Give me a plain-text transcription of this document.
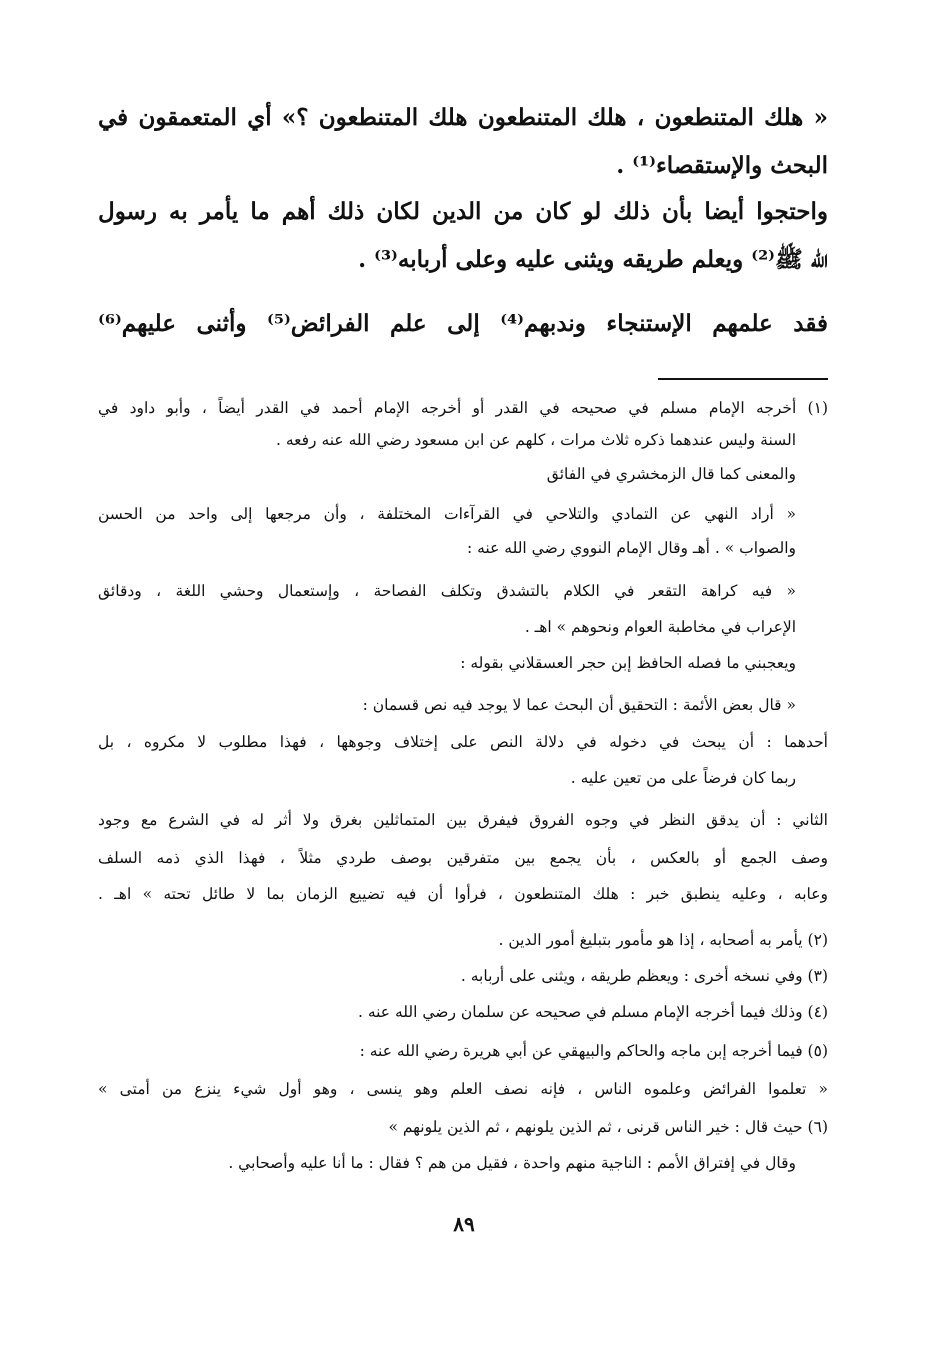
« هلك المتنطعون ، هلك المتنطعون هلك المتنطعون ؟» أي المتعمقون في
البحث والإستقصاء⁽¹⁾ .
واحتجوا أيضا بأن ذلك لو كان من الدين لكان ذلك أهم ما يأمر به رسول
الله ﷺ⁽²⁾ ويعلم طريقه ويثنى عليه وعلى أربابه⁽³⁾ .
فقد علمهم الإستنجاء وندبهم⁽⁴⁾ إلى علم الفرائض⁽⁵⁾ وأثنى عليهم⁽⁶⁾
(١) أخرجه الإمام مسلم في صحيحه في القدر أو أخرجه الإمام أحمد في القدر أيضاً ، وأبو داود في
السنة وليس عندهما ذكره ثلاث مرات ، كلهم عن ابن مسعود رضي الله عنه رفعه .
والمعنى كما قال الزمخشري في الفائق
« أراد النهي عن التمادي والتلاحي في القرآءات المختلفة ، وأن مرجعها إلى واحد من الحسن
والصواب » . أهـ وقال الإمام النووي رضي الله عنه :
« فيه كراهة التقعر في الكلام بالتشدق وتكلف الفصاحة ، وإستعمال وحشي اللغة ، ودقائق
الإعراب في مخاطبة العوام ونحوهم » اهـ .
ويعجبني ما فصله الحافظ إبن حجر العسقلاني بقوله :
« قال بعض الأئمة : التحقيق أن البحث عما لا يوجد فيه نص قسمان :
أحدهما : أن يبحث في دخوله في دلالة النص على إختلاف وجوهها ، فهذا مطلوب لا مكروه ، بل
ربما كان فرضاً على من تعين عليه .
الثاني : أن يدقق النظر في وجوه الفروق فيفرق بين المتماثلين بغرق ولا أثر له في الشرع مع وجود
وصف الجمع أو بالعكس ، بأن يجمع بين متفرقين بوصف طردي مثلاً ، فهذا الذي ذمه السلف
وعابه ، وعليه ينطبق خبر : هلك المتنطعون ، فرأوا أن فيه تضييع الزمان بما لا طائل تحته » اهـ .
(٢) يأمر به أصحابه ، إذا هو مأمور بتبليغ أمور الدين .
(٣) وفي نسخه أخرى : ويعظم طريقه ، ويثنى على أربابه .
(٤) وذلك فيما أخرجه الإمام مسلم في صحيحه عن سلمان رضي الله عنه .
(٥) فيما أخرجه إبن ماجه والحاكم والبيهقي عن أبي هريرة رضي الله عنه :
« تعلموا الفرائض وعلموه الناس ، فإنه نصف العلم وهو ينسى ، وهو أول شيء ينزع من أمتى »
(٦) حيث قال : خير الناس قرنى ، ثم الذين يلونهم ، ثم الذين يلونهم »
وقال في إفتراق الأمم : الناجية منهم واحدة ، فقيل من هم ؟ فقال : ما أنا عليه وأصحابي .
٨٩
